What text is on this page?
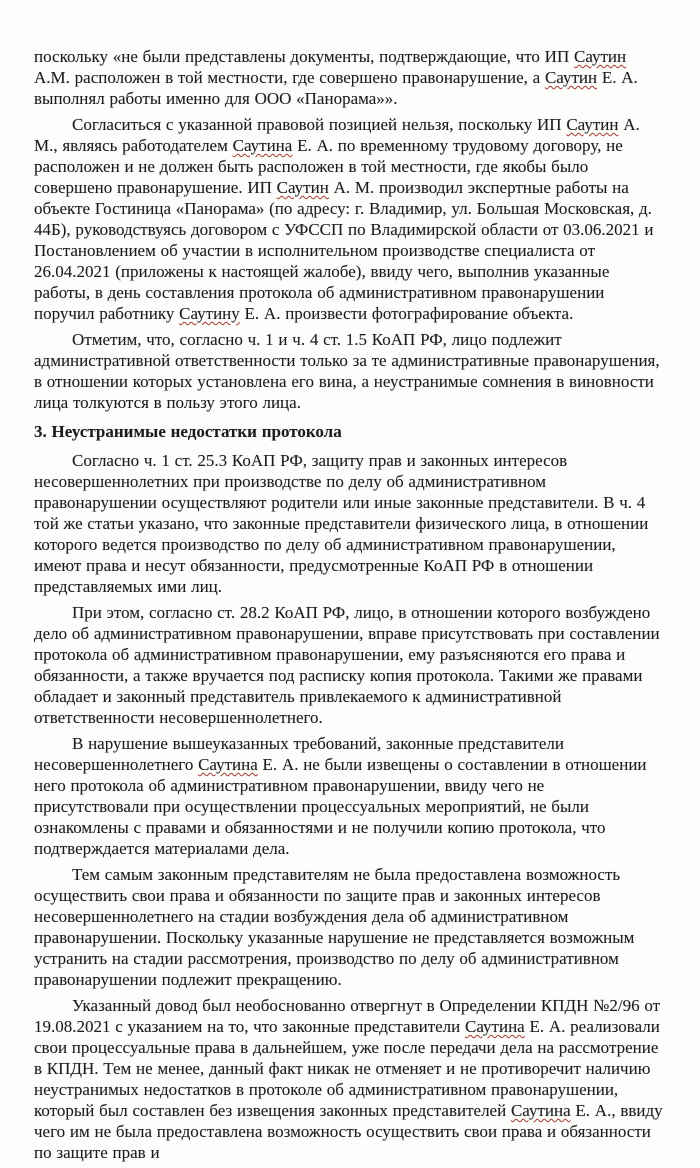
поскольку «не были представлены документы, подтверждающие, что ИП Саутин А.М. расположен в той местности, где совершено правонарушение, а Саутин Е. А. выполнял работы именно для ООО «Панорама»».

Согласиться с указанной правовой позицией нельзя, поскольку ИП Саутин А. М., являясь работодателем Саутина Е. А. по временному трудовому договору, не расположен и не должен быть расположен в той местности, где якобы было совершено правонарушение. ИП Саутин А. М. производил экспертные работы на объекте Гостиница «Панорама» (по адресу: г. Владимир, ул. Большая Московская, д. 44Б), руководствуясь договором с УФССП по Владимирской области от 03.06.2021 и Постановлением об участии в исполнительном производстве специалиста от 26.04.2021 (приложены к настоящей жалобе), ввиду чего, выполнив указанные работы, в день составления протокола об административном правонарушении поручил работнику Саутину Е. А. произвести фотографирование объекта.

Отметим, что, согласно ч. 1 и ч. 4 ст. 1.5 КоАП РФ, лицо подлежит административной ответственности только за те административные правонарушения, в отношении которых установлена его вина, а неустранимые сомнения в виновности лица толкуются в пользу этого лица.

3. Неустранимые недостатки протокола

Согласно ч. 1 ст. 25.3 КоАП РФ, защиту прав и законных интересов несовершеннолетних при производстве по делу об административном правонарушении осуществляют родители или иные законные представители. В ч. 4 той же статьи указано, что законные представители физического лица, в отношении которого ведется производство по делу об административном правонарушении, имеют права и несут обязанности, предусмотренные КоАП РФ в отношении представляемых ими лиц.

При этом, согласно ст. 28.2 КоАП РФ, лицо, в отношении которого возбуждено дело об административном правонарушении, вправе присутствовать при составлении протокола об административном правонарушении, ему разъясняются его права и обязанности, а также вручается под расписку копия протокола. Такими же правами обладает и законный представитель привлекаемого к административной ответственности несовершеннолетнего.

В нарушение вышеуказанных требований, законные представители несовершеннолетнего Саутина Е. А. не были извещены о составлении в отношении него протокола об административном правонарушении, ввиду чего не присутствовали при осуществлении процессуальных мероприятий, не были ознакомлены с правами и обязанностями и не получили копию протокола, что подтверждается материалами дела.

Тем самым законным представителям не была предоставлена возможность осуществить свои права и обязанности по защите прав и законных интересов несовершеннолетнего на стадии возбуждения дела об административном правонарушении. Поскольку указанные нарушение не представляется возможным устранить на стадии рассмотрения, производство по делу об административном правонарушении подлежит прекращению.

Указанный довод был необоснованно отвергнут в Определении КПДН №2/96 от 19.08.2021 с указанием на то, что законные представители Саутина Е. А. реализовали свои процессуальные права в дальнейшем, уже после передачи дела на рассмотрение в КПДН. Тем не менее, данный факт никак не отменяет и не противоречит наличию неустранимых недостатков в протоколе об административном правонарушении, который был составлен без извещения законных представителей Саутина Е. А., ввиду чего им не была предоставлена возможность осуществить свои права и обязанности по защите прав и
